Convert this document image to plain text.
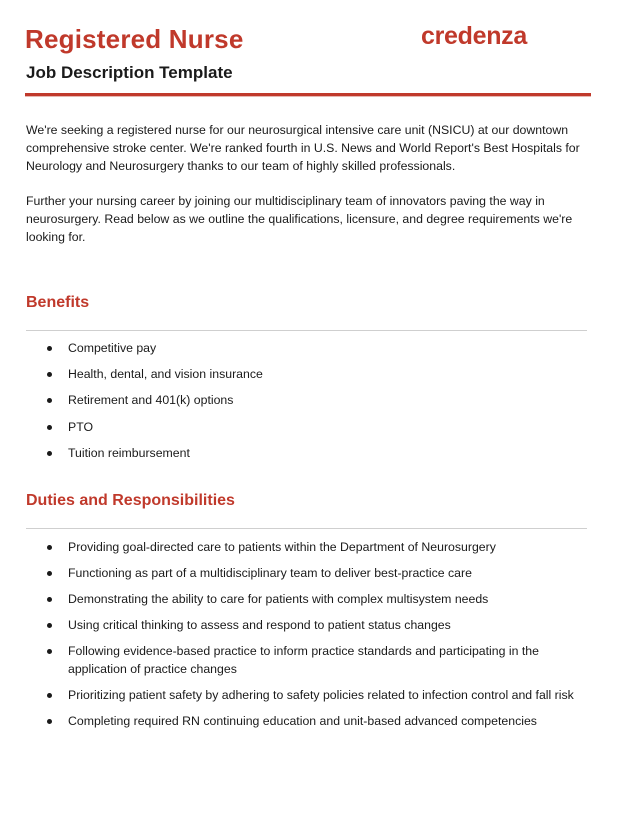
Registered Nurse
Job Description Template
credenza

We're seeking a registered nurse for our neurosurgical intensive care unit (NSICU) at our downtown comprehensive stroke center. We're ranked fourth in U.S. News and World Report's Best Hospitals for Neurology and Neurosurgery thanks to our team of highly skilled professionals.

Further your nursing career by joining our multidisciplinary team of innovators paving the way in neurosurgery. Read below as we outline the qualifications, licensure, and degree requirements we're looking for.

Benefits
Competitive pay
Health, dental, and vision insurance
Retirement and 401(k) options
PTO
Tuition reimbursement
Duties and Responsibilities
Providing goal-directed care to patients within the Department of Neurosurgery
Functioning as part of a multidisciplinary team to deliver best-practice care
Demonstrating the ability to care for patients with complex multisystem needs
Using critical thinking to assess and respond to patient status changes
Following evidence-based practice to inform practice standards and participating in the application of practice changes
Prioritizing patient safety by adhering to safety policies related to infection control and fall risk
Completing required RN continuing education and unit-based advanced competencies
